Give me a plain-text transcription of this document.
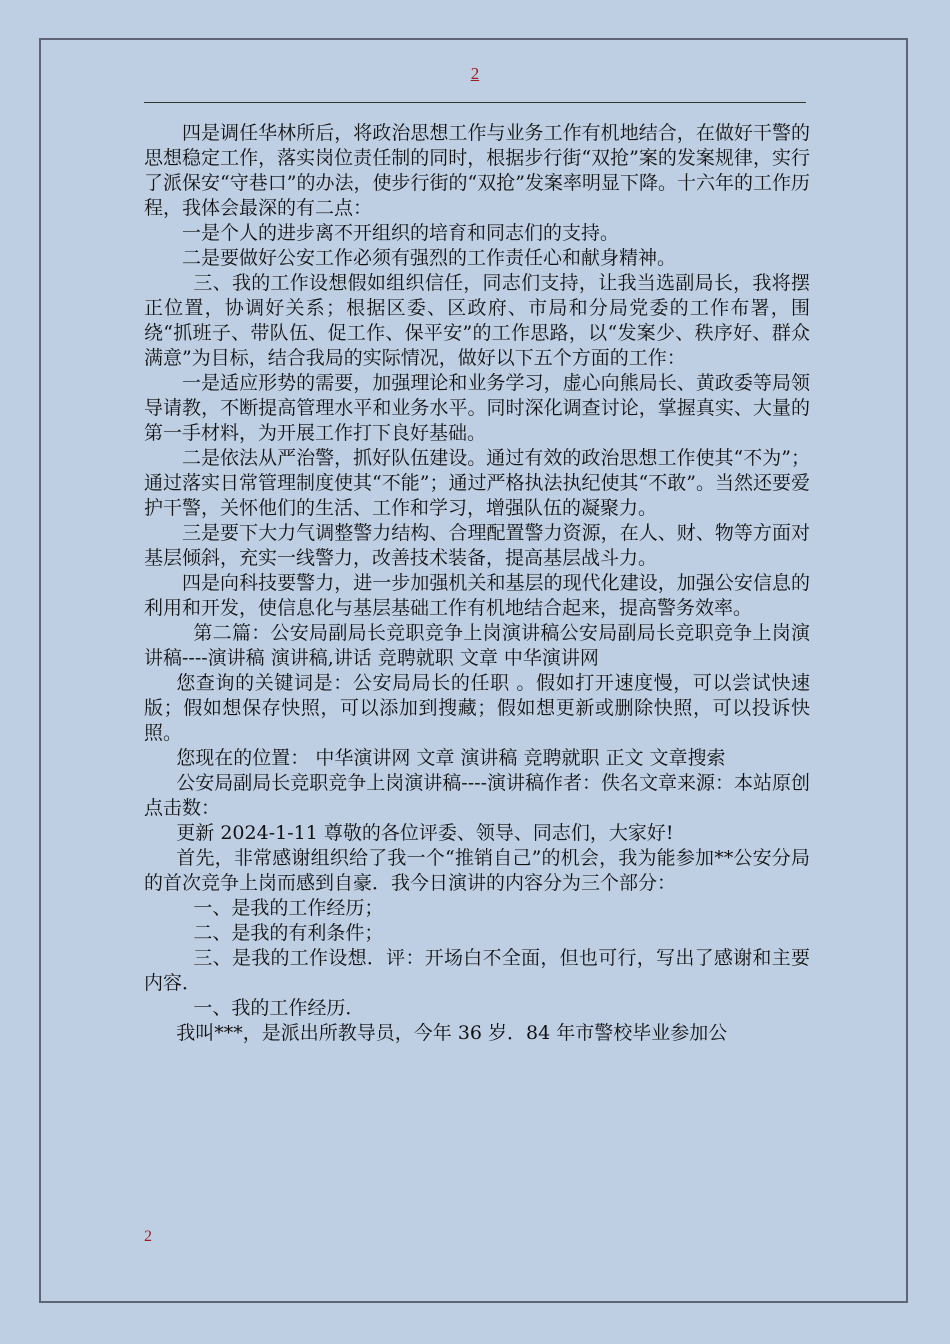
2

四是调任华林所后，将政治思想工作与业务工作有机地结合，在做好干警的思想稳定工作，落实岗位责任制的同时，根据步行街“双抢”案的发案规律，实行了派保安“守巷口”的办法，使步行街的“双抢”发案率明显下降。十六年的工作历程，我体会最深的有二点：

一是个人的进步离不开组织的培育和同志们的支持。

二是要做好公安工作必须有强烈的工作责任心和献身精神。

三、我的工作设想假如组织信任，同志们支持，让我当选副局长，我将摆正位置，协调好关系；根据区委、区政府、市局和分局党委的工作布署，围绕“抓班子、带队伍、促工作、保平安”的工作思路，以“发案少、秩序好、群众满意”为目标，结合我局的实际情况，做好以下五个方面的工作：

一是适应形势的需要，加强理论和业务学习，虚心向熊局长、黄政委等局领导请教，不断提高管理水平和业务水平。同时深化调查讨论，掌握真实、大量的第一手材料，为开展工作打下良好基础。

二是依法从严治警，抓好队伍建设。通过有效的政治思想工作使其“不为”；通过落实日常管理制度使其“不能”；通过严格执法执纪使其“不敢”。当然还要爱护干警，关怀他们的生活、工作和学习，增强队伍的凝聚力。

三是要下大力气调整警力结构、合理配置警力资源，在人、财、物等方面对基层倾斜，充实一线警力，改善技术装备，提高基层战斗力。

四是向科技要警力，进一步加强机关和基层的现代化建设，加强公安信息的利用和开发，使信息化与基层基础工作有机地结合起来，提高警务效率。

第二篇：公安局副局长竞职竞争上岗演讲稿公安局副局长竞职竞争上岗演讲稿----演讲稿 演讲稿,讲话 竞聘就职 文章 中华演讲网

您查询的关键词是：公安局局长的任职 。假如打开速度慢，可以尝试快速版；假如想保存快照，可以添加到搜藏；假如想更新或删除快照，可以投诉快照。

您现在的位置： 中华演讲网 文章 演讲稿 竞聘就职 正文 文章搜索

公安局副局长竞职竞争上岗演讲稿----演讲稿作者：佚名文章来源：本站原创点击数：

更新 2024-1-11 尊敬的各位评委、领导、同志们，大家好!

首先，非常感谢组织给了我一个“推销自己”的机会，我为能参加**公安分局的首次竞争上岗而感到自豪．我今日演讲的内容分为三个部分：

一、是我的工作经历；

二、是我的有利条件；

三、是我的工作设想．评：开场白不全面，但也可行，写出了感谢和主要内容．

一、我的工作经历．

我叫***，是派出所教导员，今年 36 岁．84 年市警校毕业参加公

2
